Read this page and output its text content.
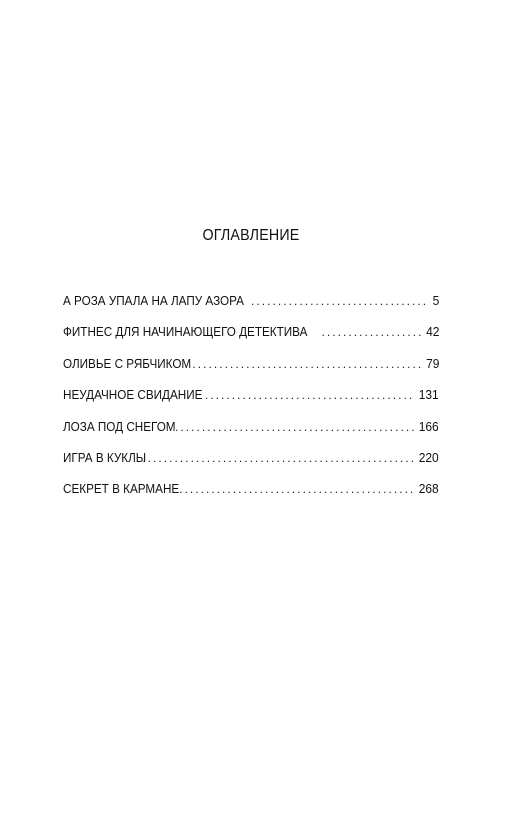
ОГЛАВЛЕНИЕ
А РОЗА УПАЛА НА ЛАПУ АЗОРА . . .	5
ФИТНЕС ДЛЯ НАЧИНАЮЩЕГО ДЕТЕКТИВА . . .	42
ОЛИВЬЕ С РЯБЧИКОМ . . .	79
НЕУДАЧНОЕ СВИДАНИЕ . . .	131
ЛОЗА ПОД СНЕГОМ . . .	166
ИГРА В КУКЛЫ . . .	220
СЕКРЕТ В КАРМАНЕ . . .	268
